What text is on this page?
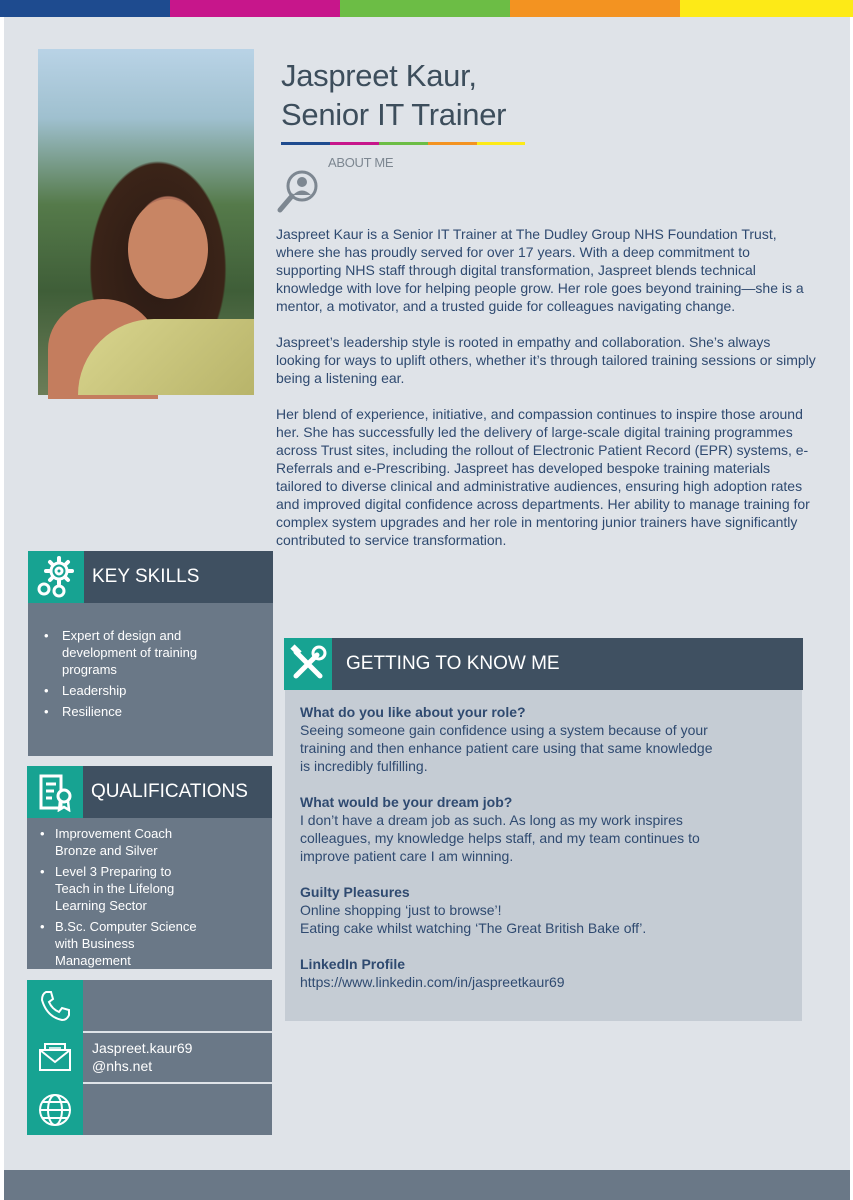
Jaspreet Kaur,
Senior IT Trainer
ABOUT ME

Jaspreet Kaur is a Senior IT Trainer at The Dudley Group NHS Foundation Trust, where she has proudly served for over 17 years. With a deep commitment to supporting NHS staff through digital transformation, Jaspreet blends technical knowledge with love for helping people grow. Her role goes beyond training—she is a mentor, a motivator, and a trusted guide for colleagues navigating change.

Jaspreet’s leadership style is rooted in empathy and collaboration. She’s always looking for ways to uplift others, whether it’s through tailored training sessions or simply being a listening ear.

Her blend of experience, initiative, and compassion continues to inspire those around her. She has successfully led the delivery of large-scale digital training programmes across Trust sites, including the rollout of Electronic Patient Record (EPR) systems, e-Referrals and e-Prescribing. Jaspreet has developed bespoke training materials tailored to diverse clinical and administrative audiences, ensuring high adoption rates and improved digital confidence across departments. Her ability to manage training for complex system upgrades and her role in mentoring junior trainers have significantly contributed to service transformation.

KEY SKILLS
• Expert of design and development of training programs
• Leadership
• Resilience
QUALIFICATIONS
• Improvement Coach Bronze and Silver
• Level 3 Preparing to Teach in the Lifelong Learning Sector
• B.Sc. Computer Science with Business Management
Jaspreet.kaur69
@nhs.net
GETTING TO KNOW ME
What do you like about your role?
Seeing someone gain confidence using a system because of your
training and then enhance patient care using that same knowledge
is incredibly fulfilling.
What would be your dream job?
I don’t have a dream job as such. As long as my work inspires
colleagues, my knowledge helps staff, and my team continues to
improve patient care I am winning.
Guilty Pleasures
Online shopping ‘just to browse’!
Eating cake whilst watching ‘The Great British Bake off’.
LinkedIn Profile
https://www.linkedin.com/in/jaspreetkaur69
